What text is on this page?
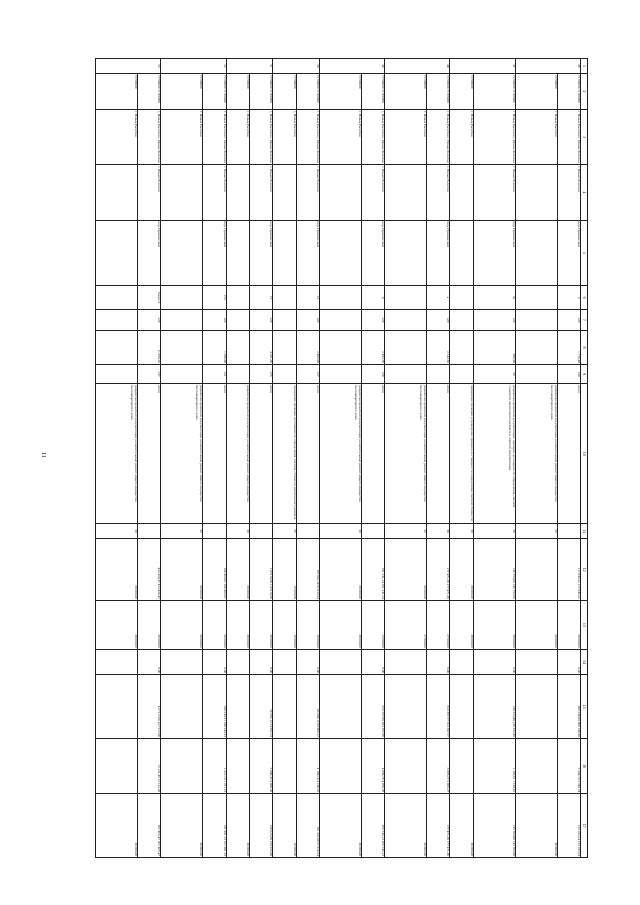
11
1	2	3	4	5	6	7	8	9	10	11	12	13	14	15	16	17
46	71706000 71706000	г. Новые Рычотки г. Новые Рычотки	г. Новые Рычотки	пер. Пушкинский	5	120	1 716,40	130	итого		117 845,22 117 845,22	30 000,00	0,00	600 248,69 600 248,69	5 349,74 5 349,74	153 185,24 153 185,24
	71706000	г. Новые Рычотки							разработка проектной документации на капитальный ремонт общего имущества многоквартирного дома	95		30 000,00				30 000,00
47	71706000 71706000	г. Новые Рычотки г. Новые Рычотки	г. Новые Рычотки	пер. Пушкинский	5а	120	690,90	30	разработка проектной документации, проверка достоверности определения сметной стоимости капитального ремонта и сметной документации	30	145 793,09 145 793,09	30 000,00	0,00	136 323,46 136 323,46	1 163,61 1 163,61	145 703,86 145 703,86
	71706000	г. Новые Рычотки							проведение проверки в проведении проверки достоверности определения сметной стоимости	95	30 000,00	30 000,00				30 000,00
48	71706000 71706000	г. Новые Рычотки г. Новые Рычотки	г. Новые Рычотки	пер. Пушкинский	а	120	2 142,50		итого	30	177 471,36 177 471,36	27 000,00	0,00	613 397,77 613 397,77	3 895,27 3 895,27	177 471,36 177 471,36
	71706000	г. Новые Рычотки							разработка проектной документации на капитальный ремонт общего имущества многоквартирного дома	95	30 000,00	27 000,00				30 000,00
49	71706000 71706000	г. Новые Рычотки г. Новые Рычотки	г. Новые Рычотки	пер. Пушкинский	6	120	2 493,70	130	итого		101 741,14 101 741,14	13 000,00	0,00	672 297,96 672 297,96	4 056,76 4 056,76	205 745,13 205 745,13
	71706000	г. Новые Рычотки							разработка проектной документации на капитальный ремонт общего имущества многоквартирного дома	95	30 000,00	30 000,00				30 000,00
50	71706000 71706000	г. Новые Рычотки г. Новые Рычотки	г. Новые Рычотки	пер. Пушкинский	13	120	2 460,00	127	итого		107 810,24 97 810,24	10 000,00	0,00	83 900,12 83 900,12	4 190,16 4 190,16	101 322,00 97 810,24
	71706000	г. Новые Рычотки							проведение проверки достоверности определения сметной стоимости капитального ремонта	95	10 000,00	10 000,00				10 000,00
51	71706000 71706000	г. Новые Рычотки г. Новые Рычотки	г. Новые Рычотки	пер. Пушкинский	15	120	4 161,30	125	итого		110 919,00 110 919,00	30 000,00	0,00	74 592,13 74 592,13	5 000,45 5 000,45	159 025,08 159 025,08
	71706000	г. Новые Рычотки							разработка проектной документации на капитальный ремонт общего имущества	95	30 000,00	30 000,00				30 000,00
52	71706000 71706000	г. Новые Рычотки г. Новые Рычотки	г. Новые Рычотки	пер. Пушкинский	15/1	120	1 286,60	121	итого		180 465,01 180 465,01	30 000,00	0,00	180 243,31 180 243,31	1 221,13 1 221,13	191 981,13 191 981,13
	71706000	г. Новые Рычотки							разработка проектной документации на капитальный ремонт общего имущества многоквартирного дома	95	30 000,00	30 000,00				30 000,00
53	71706000 71706000	г. Новые Рычотки г. Новые Рычотки	г. Новые Рычотки	пер. Пушкинский	Тиоро 9	120	11 959,20	137	итого		423 458,47 423 458,47	30 000,00	0,00	417 917,00 417 917,00	12 131,45 12 131,45	207 405,47 207 405,47
	71706000	г. Новые Рычотки							разработка проектной документации на капитальный ремонт общего имущества многоквартирного дома	95	30 000,00	30 000,00				30 000,00
